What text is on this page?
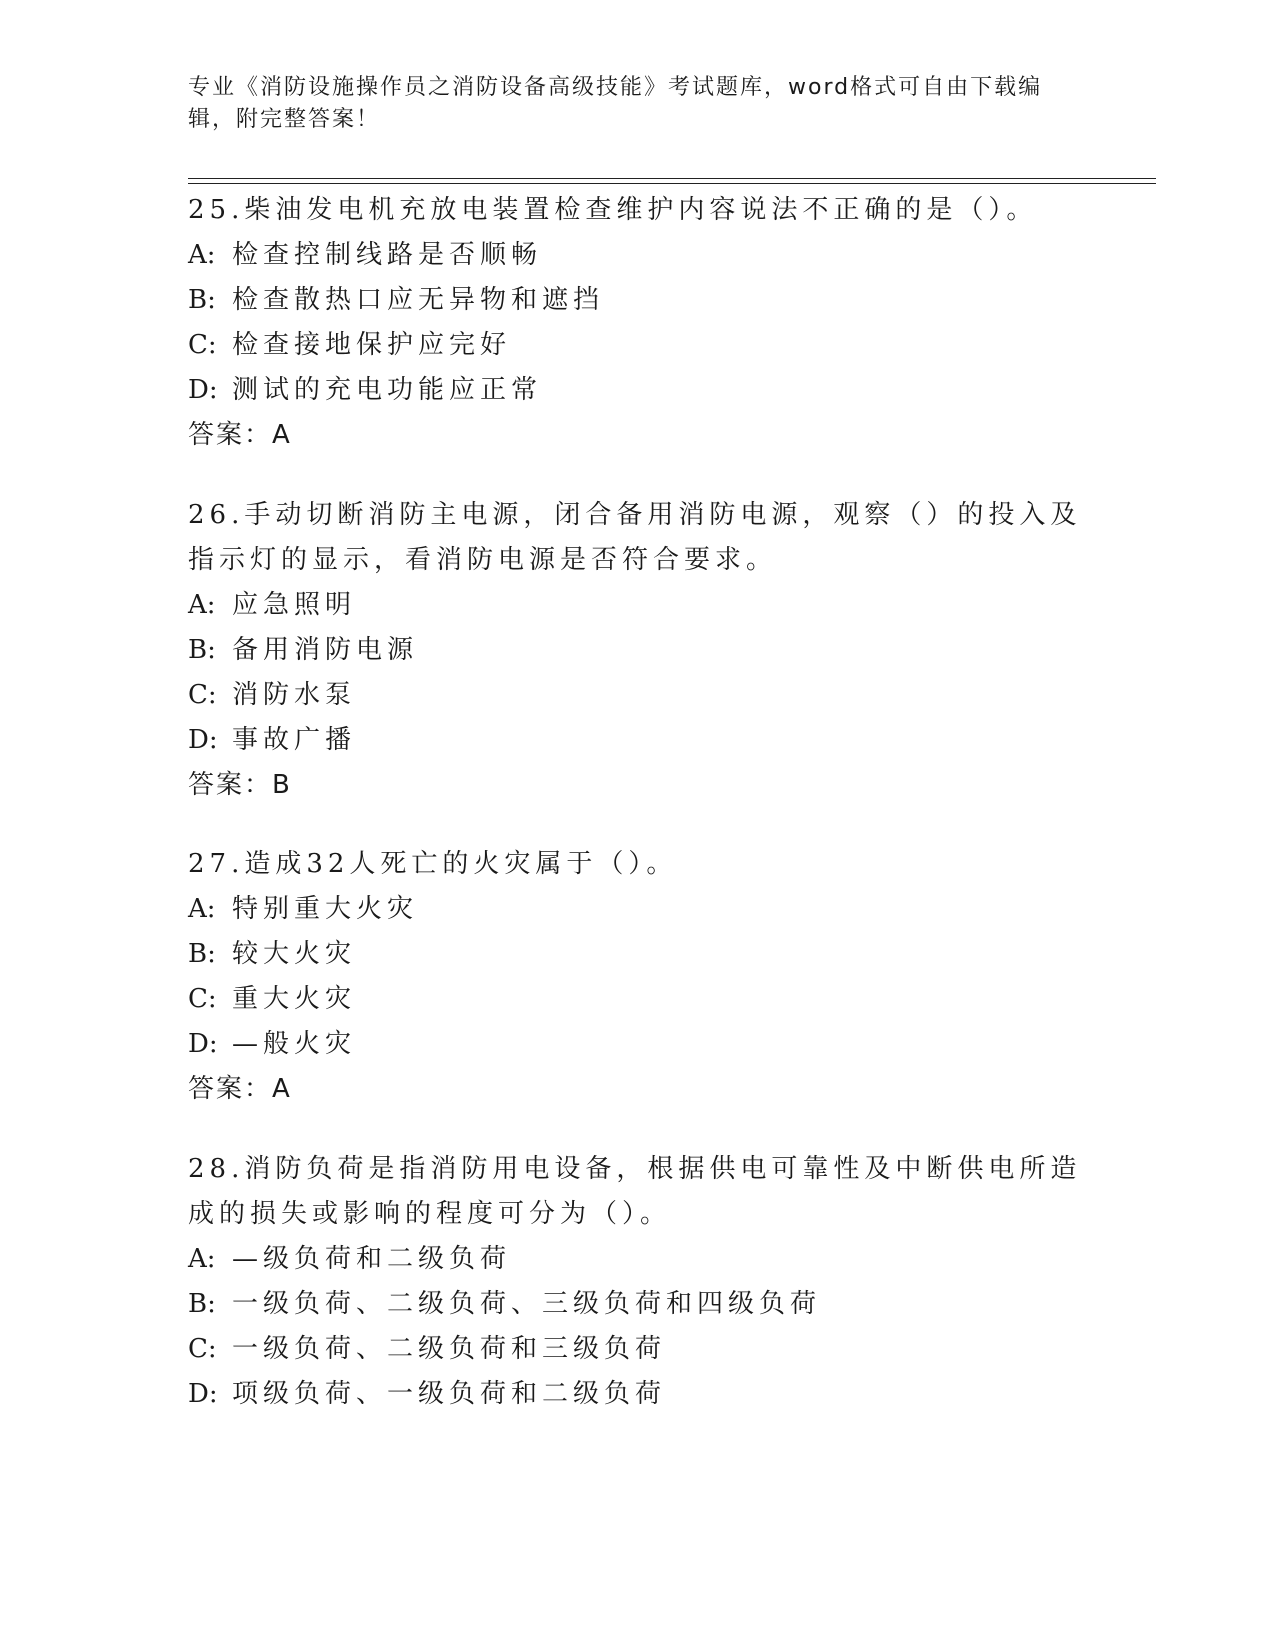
专业《消防设施操作员之消防设备高级技能》考试题库，word格式可自由下载编辑，附完整答案！
25.柴油发电机充放电装置检查维护内容说法不正确的是（）。
A: 检查控制线路是否顺畅
B: 检查散热口应无异物和遮挡
C: 检查接地保护应完好
D: 测试的充电功能应正常
答案：A
26.手动切断消防主电源，闭合备用消防电源，观察（）的投入及指示灯的显示，看消防电源是否符合要求。
A: 应急照明
B: 备用消防电源
C: 消防水泵
D: 事故广播
答案：B
27.造成32人死亡的火灾属于（）。
A: 特别重大火灾
B: 较大火灾
C: 重大火灾
D: —般火灾
答案：A
28.消防负荷是指消防用电设备，根据供电可靠性及中断供电所造成的损失或影响的程度可分为（）。
A: —级负荷和二级负荷
B: 一级负荷、二级负荷、三级负荷和四级负荷
C: 一级负荷、二级负荷和三级负荷
D: 项级负荷、一级负荷和二级负荷
